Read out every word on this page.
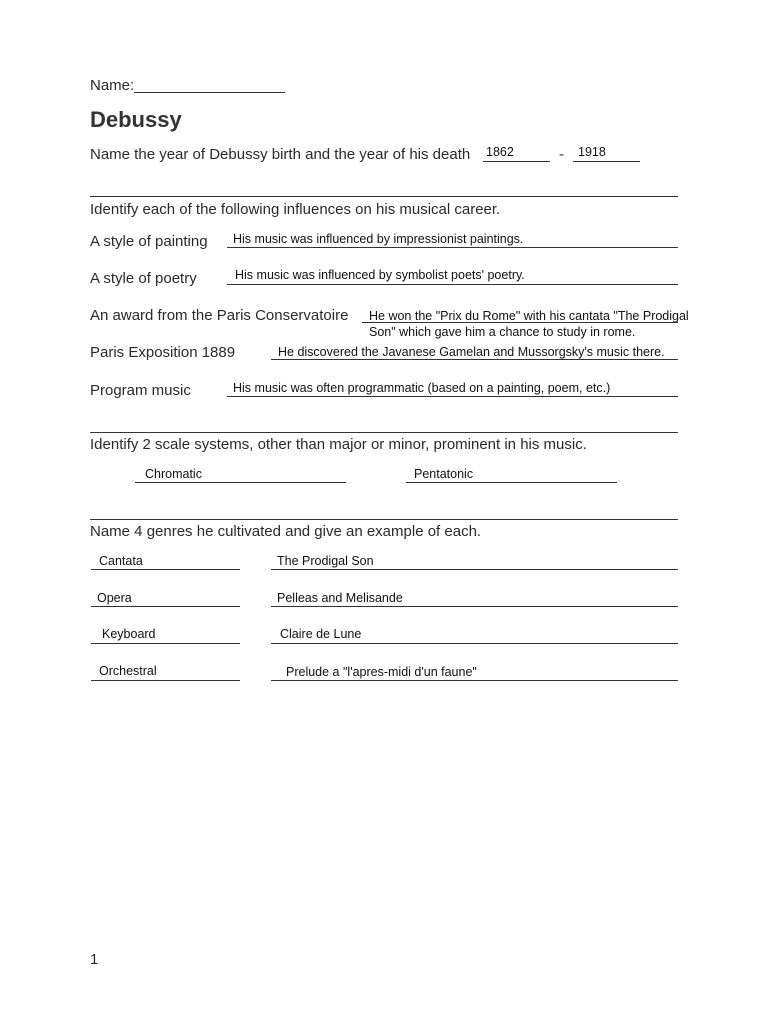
Name:
Debussy
Name the year of Debussy birth and the year of his death 1862	- 1918
Identify each of the following influences on his musical career.
A style of painting His music was influenced by impressionist paintings.
A style of poetry	His music was influenced by symbolist poets' poetry.
An award from the Paris Conservatoire He won the "Prix du Rome" with his cantata "The Prodigal
Son" which gave him a chance to study in rome.
Paris Exposition 1889	He discovered the Javanese Gamelan and Mussorgsky's music there.
Program music	His music was often programmatic (based on a painting, poem, etc.)
Identify 2 scale systems, other than major or minor, prominent in his music.
Chromatic	Pentatonic
Name 4 genres he cultivated and give an example of each.
Cantata	The Prodigal Son
Opera	Pelleas and Melisande
Keyboard	Claire de Lune
Orchestral	Prelude a "l'apres-midi d'un faune"
1
